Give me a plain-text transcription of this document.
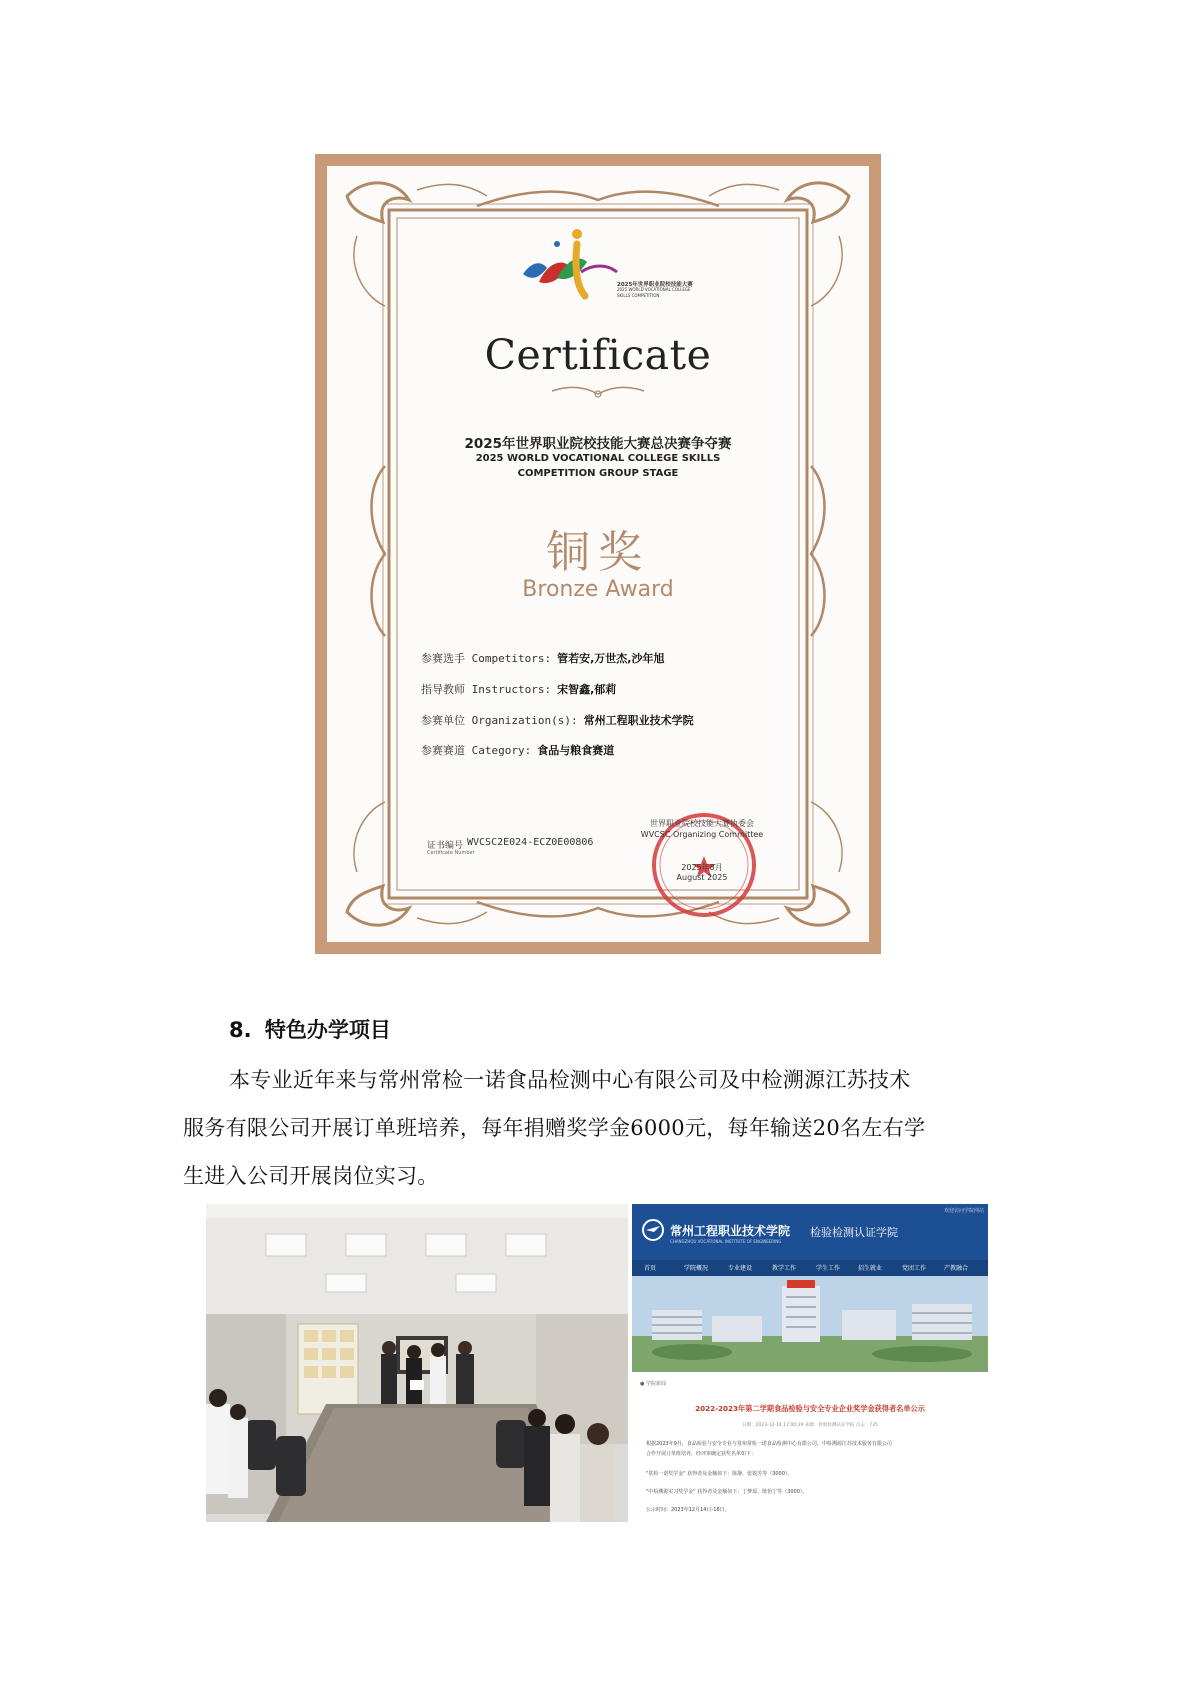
2025年世界职业院校技能大赛
2025 WORLD VOCATIONAL COLLEGE
SKILLS COMPETITION
Certificate
2025年世界职业院校技能大赛总决赛争夺赛
2025 WORLD VOCATIONAL COLLEGE SKILLS
COMPETITION GROUP STAGE
铜奖
Bronze Award
参赛选手 Competitors: 管若安,万世杰,沙年旭
指导教师 Instructors: 宋智鑫,郁莉
参赛单位 Organization(s): 常州工程职业技术学院
参赛赛道 Category: 食品与粮食赛道
证书编号
Certificate Number
WVCSC2E024-ECZ0E00806
世界职业院校技能大赛执委会
WVCSC Organizing Committee
2025年8月
August 2025
8. 特色办学项目
本专业近年来与常州常检一诺食品检测中心有限公司及中检溯源江苏技术
服务有限公司开展订单班培养，每年捐赠奖学金6000元，每年输送20名左右学
生进入公司开展岗位实习。
欢迎访问学院网站
常州工程职业技术学院
CHANGZHOU VOCATIONAL INSTITUTE OF ENGINEERING
检验检测认证学院
首页	学院概况	专业建设	教学工作	学生工作	招生就业	党团工作	产教融合
● 学院新闻
2022-2023年第二学期食品检验与安全专业企业奖学金获得者名单公示
日期：2023-12-14 17:00:29 来源：检验检测认证学院 点击：735
根据2023年9月，食品检验与安全专业与常州常检一诺食品检测中心有限公司、中检溯源江苏技术服务有限公司
合作开展订单班培养，经评审确定获奖名单如下：
"常检一诺奖学金" 获得者及金额如下：陈静、张锐芳等（3000）。
"中检溯源实习奖学金" 获得者及金额如下：丁梦瑶、陈怡宁等（3000）。
公示时间：2023年12月14日-18日。
